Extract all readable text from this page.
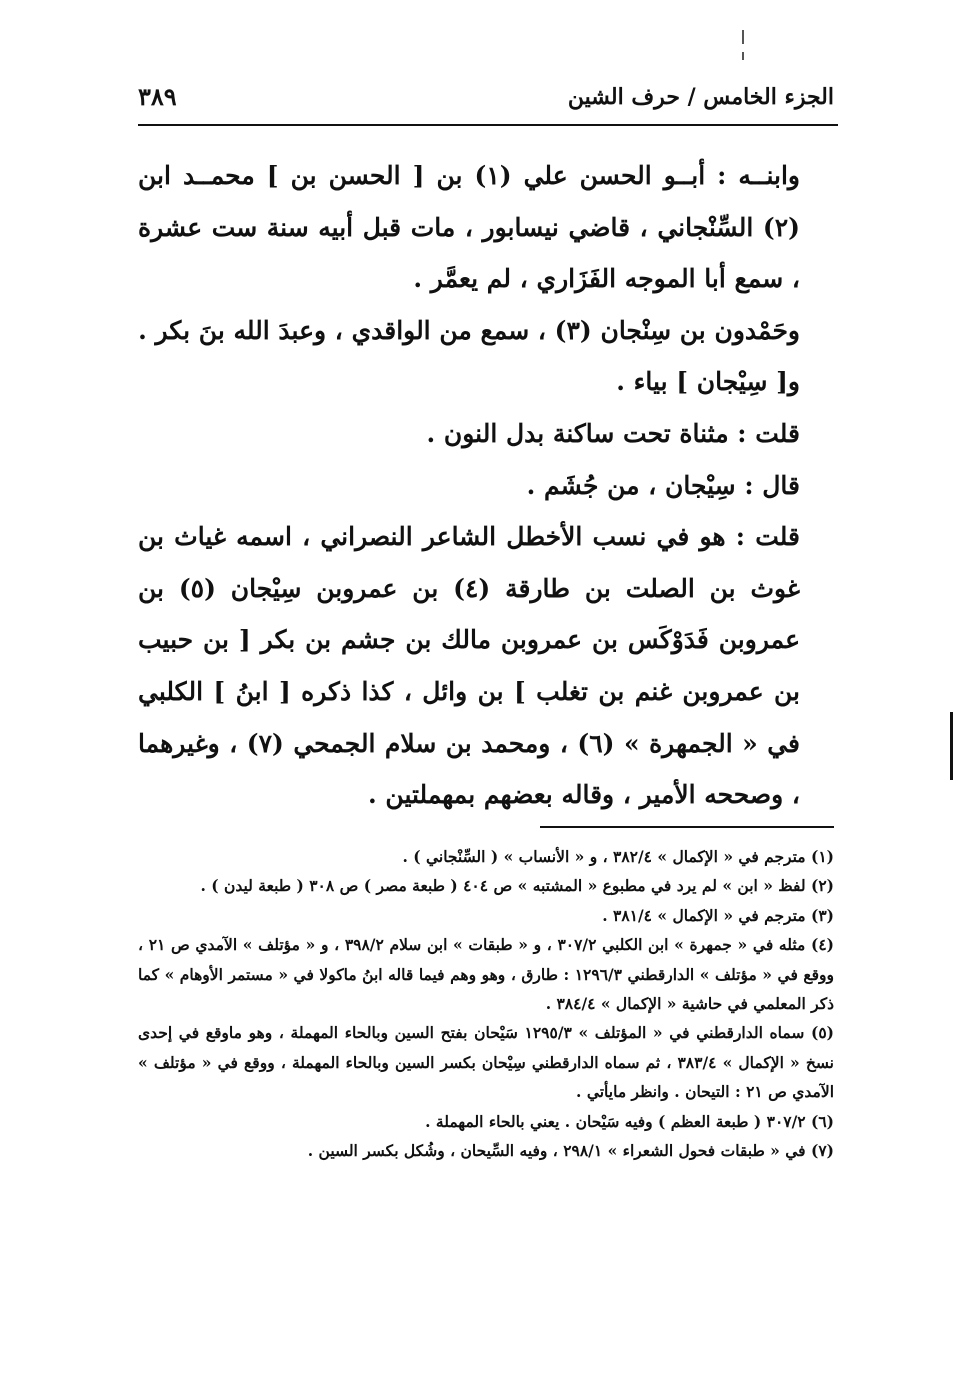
الجزء الخامس / حرف الشين
٣٨٩

وابنــه : أبــو الحسن علي (١) بن [ الحسن بن ] محمــد ابن (٢) السِّنْجاني ، قاضي نيسابور ، مات قبل أبيه سنة ست عشرة ، سمع أبا الموجه الفَزَاري ، لم يعمَّر .

وحَمْدون بن سِنْجان (٣) ، سمع من الواقدي ، وعبدَ الله بنَ بكر .

و[ سِيْجان ] بياء .

قلت : مثناة تحت ساكنة بدل النون .

قال : سِيْجان ، من جُشَم .

قلت : هو في نسب الأخطل الشاعر النصراني ، اسمه غياث بن غوث بن الصلت بن طارقة (٤) بن عمروبن سِيْجان (٥) بن عمروبن فَدَوْكَس بن عمروبن مالك بن جشم بن بكر [ بن حبيب بن عمروبن غنم بن تغلب ] بن وائل ، كذا ذكره [ ابنُ ] الكلبي في « الجمهرة » (٦) ، ومحمد بن سلام الجمحي (٧) ، وغيرهما ، وصححه الأمير ، وقاله بعضهم بمهملتين .

(١) مترجم في « الإكمال » ٣٨٢/٤ ، و « الأنساب » ( السِّنْجاني ) .

(٢) لفظ « ابن » لم يرد في مطبوع « المشتبه » ص ٤٠٤ ( طبعة مصر ) ص ٣٠٨ ( طبعة ليدن ) .

(٣) مترجم في « الإكمال » ٣٨١/٤ .

(٤) مثله في « جمهرة » ابن الكلبي ٣٠٧/٢ ، و « طبقات » ابن سلام ٣٩٨/٢ ، و « مؤتلف » الآمدي ص ٢١ ، ووقع في « مؤتلف » الدارقطني ١٢٩٦/٣ : طارق ، وهو وهم فيما قاله ابنُ ماكولا في « مستمر الأوهام » كما ذكر المعلمي في حاشية « الإكمال » ٣٨٤/٤ .

(٥) سماه الدارقطني في « المؤتلف » ١٢٩٥/٣ سَيْحان بفتح السين وبالحاء المهملة ، وهو ماوقع في إحدى نسخ « الإكمال » ٣٨٣/٤ ، ثم سماه الدارقطني سِيْحان بكسر السين وبالحاء المهملة ، ووقع في « مؤتلف » الآمدي ص ٢١ : التيحان . وانظر مايأتي .

(٦) ٣٠٧/٢ ( طبعة العظم ) وفيه سَيْحان . يعني بالحاء المهملة .

(٧) في « طبقات فحول الشعراء » ٢٩٨/١ ، وفيه السِّيحان ، وشُكل بكسر السين .
